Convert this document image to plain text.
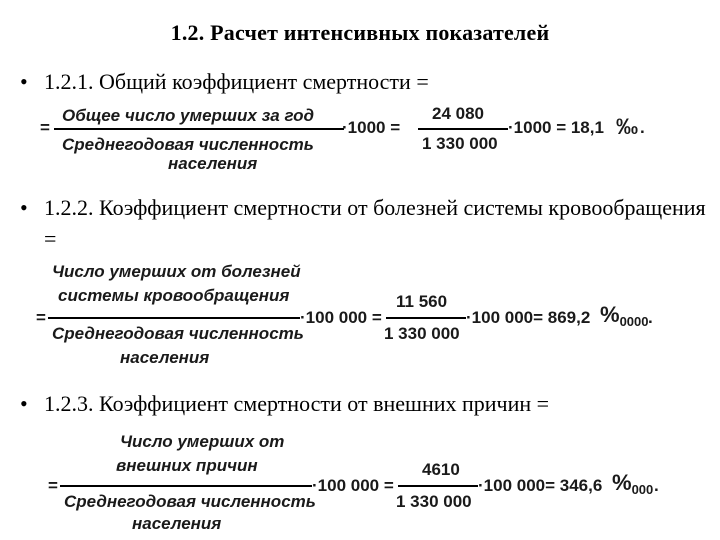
1.2. Расчет интенсивных показателей
• 1.2.1. Общий коэффициент смертности =
=
Общее число умерших за год
Среднегодовая численность
населения
·1000 =
24 080
1 330 000
·1000 = 18,1 ‰ .
• 1.2.2. Коэффициент смертности от болезней системы кровообращения =
Число умерших от болезней
системы кровообращения
=
Среднегодовая численность
населения
·100 000 =
11 560
1 330 000
·100 000= 869,2 $\%_{0000}$ .
• 1.2.3. Коэффициент смертности от внешних причин =
Число умерших от
внешних причин
=
Среднегодовая численность
населения
·100 000 =
4610
1 330 000
·100 000= 346,6 $\%_{000}$ .
